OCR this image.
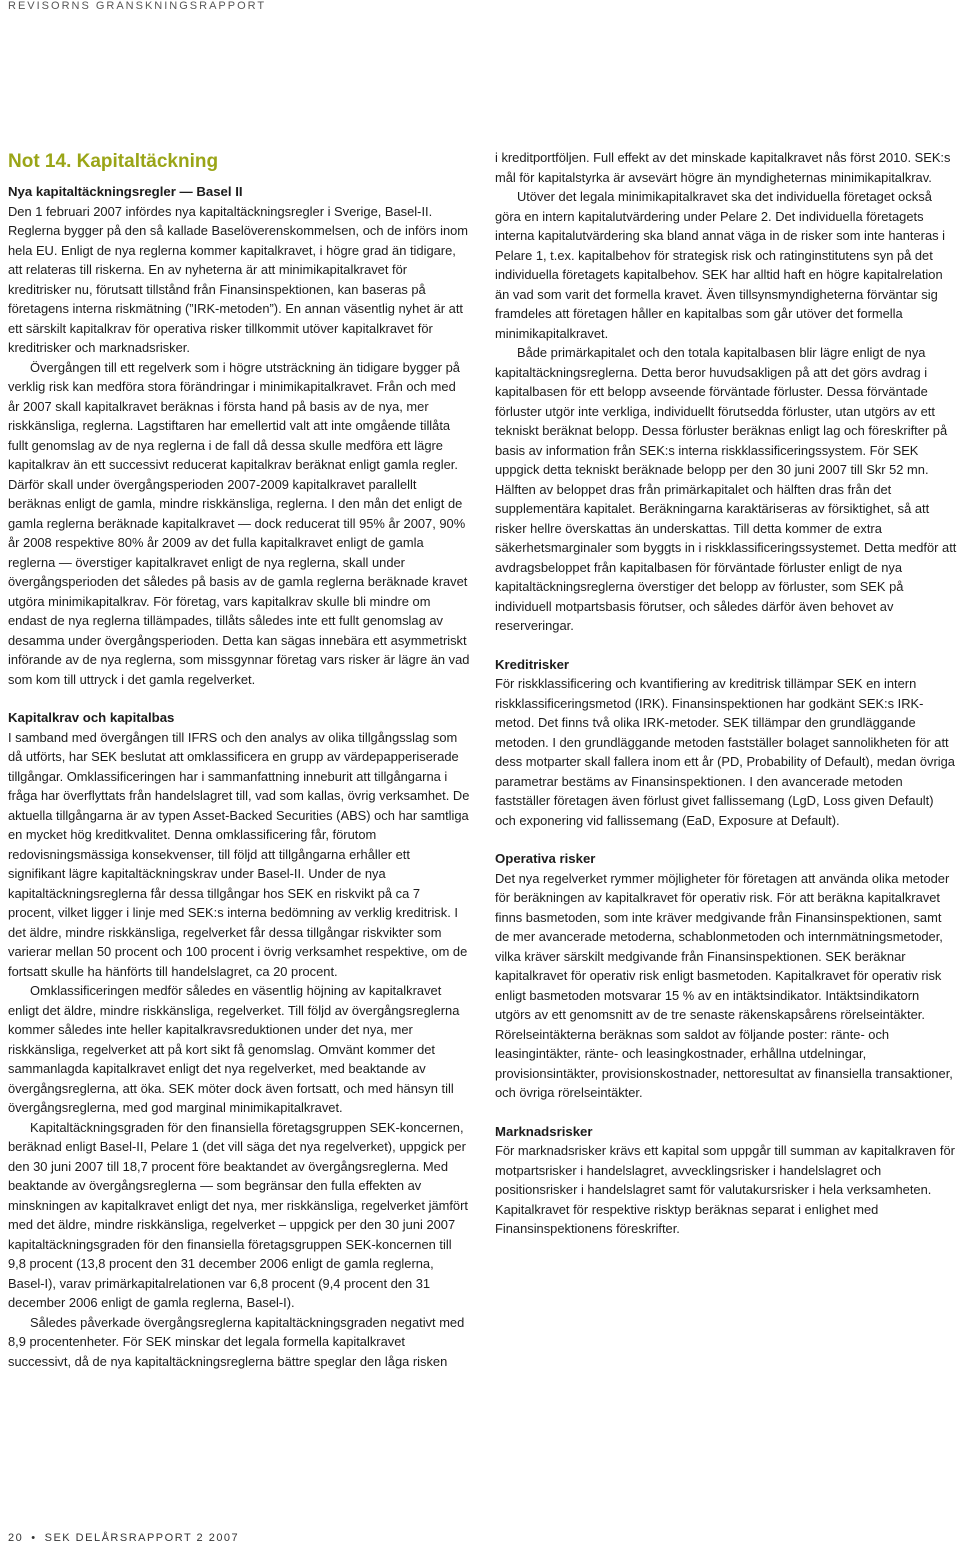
REVISORNS GRANSKNINGSRAPPORT
Not 14. Kapitaltäckning
Nya kapitaltäckningsregler — Basel II

Den 1 februari 2007 infördes nya kapitaltäckningsregler i Sverige, Basel-II. Reglerna bygger på den så kallade Baselöverenskommelsen, och de införs inom hela EU. Enligt de nya reglerna kommer kapitalkravet, i högre grad än tidigare, att relateras till riskerna. En av nyheterna är att minimikapitalkravet för kreditrisker nu, förutsatt tillstånd från Finansinspektionen, kan baseras på företagens interna riskmätning (”IRK-metoden”). En annan väsentlig nyhet är att ett särskilt kapitalkrav för operativa risker tillkommit utöver kapitalkravet för kreditrisker och marknadsrisker.

Övergången till ett regelverk som i högre utsträckning än tidigare bygger på verklig risk kan medföra stora förändringar i minimikapitalkravet. Från och med år 2007 skall kapitalkravet beräknas i första hand på basis av de nya, mer riskkänsliga, reglerna. Lagstiftaren har emellertid valt att inte omgående tillåta fullt genomslag av de nya reglerna i de fall då dessa skulle medföra ett lägre kapitalkrav än ett successivt reducerat kapitalkrav beräknat enligt gamla regler. Därför skall under övergångsperioden 2007-2009 kapitalkravet parallellt beräknas enligt de gamla, mindre riskkänsliga, reglerna. I den mån det enligt de gamla reglerna beräknade kapitalkravet — dock reducerat till 95% år 2007, 90% år 2008 respektive 80% år 2009 av det fulla kapitalkravet enligt de gamla reglerna — överstiger kapitalkravet enligt de nya reglerna, skall under övergångsperioden det således på basis av de gamla reglerna beräknade kravet utgöra minimikapitalkrav. För företag, vars kapitalkrav skulle bli mindre om endast de nya reglerna tillämpades, tillåts således inte ett fullt genomslag av desamma under övergångsperioden. Detta kan sägas innebära ett asymmetriskt införande av de nya reglerna, som missgynnar företag vars risker är lägre än vad som kom till uttryck i det gamla regelverket.

Kapitalkrav och kapitalbas

I samband med övergången till IFRS och den analys av olika tillgångsslag som då utförts, har SEK beslutat att omklassificera en grupp av värdepapperiserade tillgångar. Omklassificeringen har i sammanfattning inneburit att tillgångarna i fråga har överflyttats från handelslagret till, vad som kallas, övrig verksamhet. De aktuella tillgångarna är av typen Asset-Backed Securities (ABS) och har samtliga en mycket hög kreditkvalitet. Denna omklassificering får, förutom redovisningsmässiga konsekvenser, till följd att tillgångarna erhåller ett signifikant lägre kapitaltäckningskrav under Basel-II. Under de nya kapitaltäckningsreglerna får dessa tillgångar hos SEK en riskvikt på ca 7 procent, vilket ligger i linje med SEK:s interna bedömning av verklig kreditrisk. I det äldre, mindre riskkänsliga, regelverket får dessa tillgångar riskvikter som varierar mellan 50 procent och 100 procent i övrig verksamhet respektive, om de fortsatt skulle ha hänförts till handelslagret, ca 20 procent.

Omklassificeringen medför således en väsentlig höjning av kapitalkravet enligt det äldre, mindre riskkänsliga, regelverket. Till följd av övergångsreglerna kommer således inte heller kapitalkravsreduktionen under det nya, mer riskkänsliga, regelverket att på kort sikt få genomslag. Omvänt kommer det sammanlagda kapitalkravet enligt det nya regelverket, med beaktande av övergångsreglerna, att öka. SEK möter dock även fortsatt, och med hänsyn till övergångsreglerna, med god marginal minimikapitalkravet.

Kapitaltäckningsgraden för den finansiella företagsgruppen SEK-koncernen, beräknad enligt Basel-II, Pelare 1 (det vill säga det nya regelverket), uppgick per den 30 juni 2007 till 18,7 procent före beaktandet av övergångsreglerna. Med beaktande av övergångsreglerna — som begränsar den fulla effekten av minskningen av kapitalkravet enligt det nya, mer riskkänsliga, regelverket jämfört med det äldre, mindre riskkänsliga, regelverket – uppgick per den 30 juni 2007 kapitaltäckningsgraden för den finansiella företagsgruppen SEK-koncernen till 9,8 procent (13,8 procent den 31 december 2006 enligt de gamla reglerna, Basel-I), varav primärkapitalrelationen var 6,8 procent (9,4 procent den 31 december 2006 enligt de gamla reglerna, Basel-I).

Således påverkade övergångsreglerna kapitaltäckningsgraden negativt med 8,9 procentenheter. För SEK minskar det legala formella kapitalkravet successivt, då de nya kapitaltäckningsreglerna bättre speglar den låga risken

i kreditportföljen. Full effekt av det minskade kapitalkravet nås först 2010. SEK:s mål för kapitalstyrka är avsevärt högre än myndigheternas minimikapitalkrav.

Utöver det legala minimikapitalkravet ska det individuella företaget också göra en intern kapitalutvärdering under Pelare 2. Det individuella företagets interna kapitalutvärdering ska bland annat väga in de risker som inte hanteras i Pelare 1, t.ex. kapitalbehov för strategisk risk och ratinginstitutens syn på det individuella företagets kapitalbehov. SEK har alltid haft en högre kapitalrelation än vad som varit det formella kravet. Även tillsynsmyndigheterna förväntar sig framdeles att företagen håller en kapitalbas som går utöver det formella minimikapitalkravet.

Både primärkapitalet och den totala kapitalbasen blir lägre enligt de nya kapitaltäckningsreglerna. Detta beror huvudsakligen på att det görs avdrag i kapitalbasen för ett belopp avseende förväntade förluster. Dessa förväntade förluster utgör inte verkliga, individuellt förutsedda förluster, utan utgörs av ett tekniskt beräknat belopp. Dessa förluster beräknas enligt lag och föreskrifter på basis av information från SEK:s interna riskklassificeringssystem. För SEK uppgick detta tekniskt beräknade belopp per den 30 juni 2007 till Skr 52 mn. Hälften av beloppet dras från primärkapitalet och hälften dras från det supplementära kapitalet. Beräkningarna karaktäriseras av försiktighet, så att risker hellre överskattas än underskattas. Till detta kommer de extra säkerhetsmarginaler som byggts in i riskklassificeringssystemet. Detta medför att avdragsbeloppet från kapitalbasen för förväntade förluster enligt de nya kapitaltäckningsreglerna överstiger det belopp av förluster, som SEK på individuell motpartsbasis förutser, och således därför även behovet av reserveringar.

Kreditrisker

För riskklassificering och kvantifiering av kreditrisk tillämpar SEK en intern riskklassificeringsmetod (IRK). Finansinspektionen har godkänt SEK:s IRK-metod. Det finns två olika IRK-metoder. SEK tillämpar den grundläggande metoden. I den grundläggande metoden fastställer bolaget sannolikheten för att dess motparter skall fallera inom ett år (PD, Probability of Default), medan övriga parametrar bestäms av Finansinspektionen. I den avancerade metoden fastställer företagen även förlust givet fallissemang (LgD, Loss given Default) och exponering vid fallissemang (EaD, Exposure at Default).

Operativa risker

Det nya regelverket rymmer möjligheter för företagen att använda olika metoder för beräkningen av kapitalkravet för operativ risk. För att beräkna kapitalkravet finns basmetoden, som inte kräver medgivande från Finansinspektionen, samt de mer avancerade metoderna, schablonmetoden och internmätningsmetoder, vilka kräver särskilt medgivande från Finansinspektionen. SEK beräknar kapitalkravet för operativ risk enligt basmetoden. Kapitalkravet för operativ risk enligt basmetoden motsvarar 15 % av en intäktsindikator. Intäktsindikatorn utgörs av ett genomsnitt av de tre senaste räkenskapsårens rörelseintäkter. Rörelseintäkterna beräknas som saldot av följande poster: ränte- och leasingintäkter, ränte- och leasingkostnader, erhållna utdelningar, provisionsintäkter, provisionskostnader, nettoresultat av finansiella transaktioner, och övriga rörelseintäkter.

Marknadsrisker

För marknadsrisker krävs ett kapital som uppgår till summan av kapitalkraven för motpartsrisker i handelslagret, avvecklingsrisker i handelslagret och positionsrisker i handelslagret samt för valutakursrisker i hela verksamheten. Kapitalkravet för respektive risktyp beräknas separat i enlighet med Finansinspektionens föreskrifter.

20 • SEK DELÅRSRAPPORT 2 2007
